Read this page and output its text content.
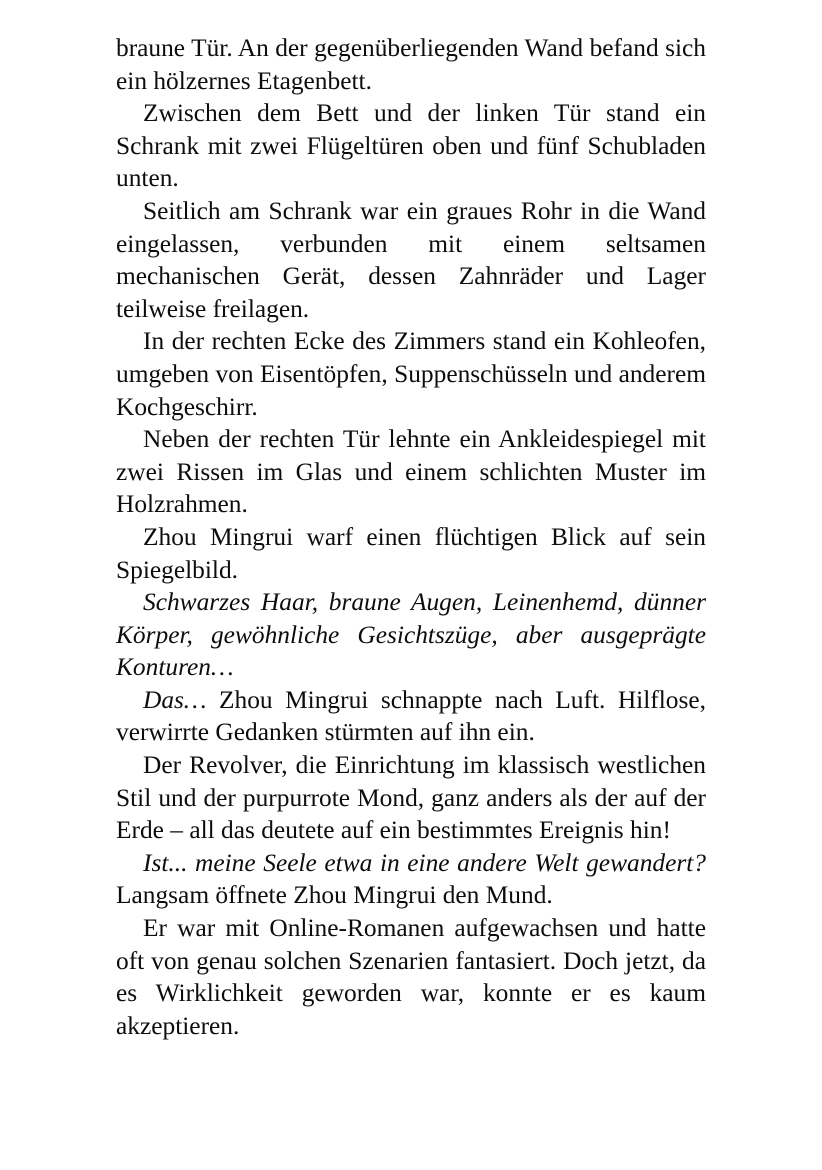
braune Tür. An der gegenüberliegenden Wand befand sich ein hölzernes Etagenbett.

Zwischen dem Bett und der linken Tür stand ein Schrank mit zwei Flügeltüren oben und fünf Schubladen unten.

Seitlich am Schrank war ein graues Rohr in die Wand eingelassen, verbunden mit einem seltsamen mechanischen Gerät, dessen Zahnräder und Lager teilweise freilagen.

In der rechten Ecke des Zimmers stand ein Kohleofen, umgeben von Eisentöpfen, Suppenschüsseln und anderem Kochgeschirr.

Neben der rechten Tür lehnte ein Ankleidespiegel mit zwei Rissen im Glas und einem schlichten Muster im Holzrahmen.

Zhou Mingrui warf einen flüchtigen Blick auf sein Spiegelbild.

Schwarzes Haar, braune Augen, Leinenhemd, dünner Körper, gewöhnliche Gesichtszüge, aber ausgeprägte Konturen…

Das… Zhou Mingrui schnappte nach Luft. Hilflose, verwirrte Gedanken stürmten auf ihn ein.

Der Revolver, die Einrichtung im klassisch westlichen Stil und der purpurrote Mond, ganz anders als der auf der Erde – all das deutete auf ein bestimmtes Ereignis hin!

Ist... meine Seele etwa in eine andere Welt gewandert? Langsam öffnete Zhou Mingrui den Mund.

Er war mit Online-Romanen aufgewachsen und hatte oft von genau solchen Szenarien fantasiert. Doch jetzt, da es Wirklichkeit geworden war, konnte er es kaum akzeptieren.
